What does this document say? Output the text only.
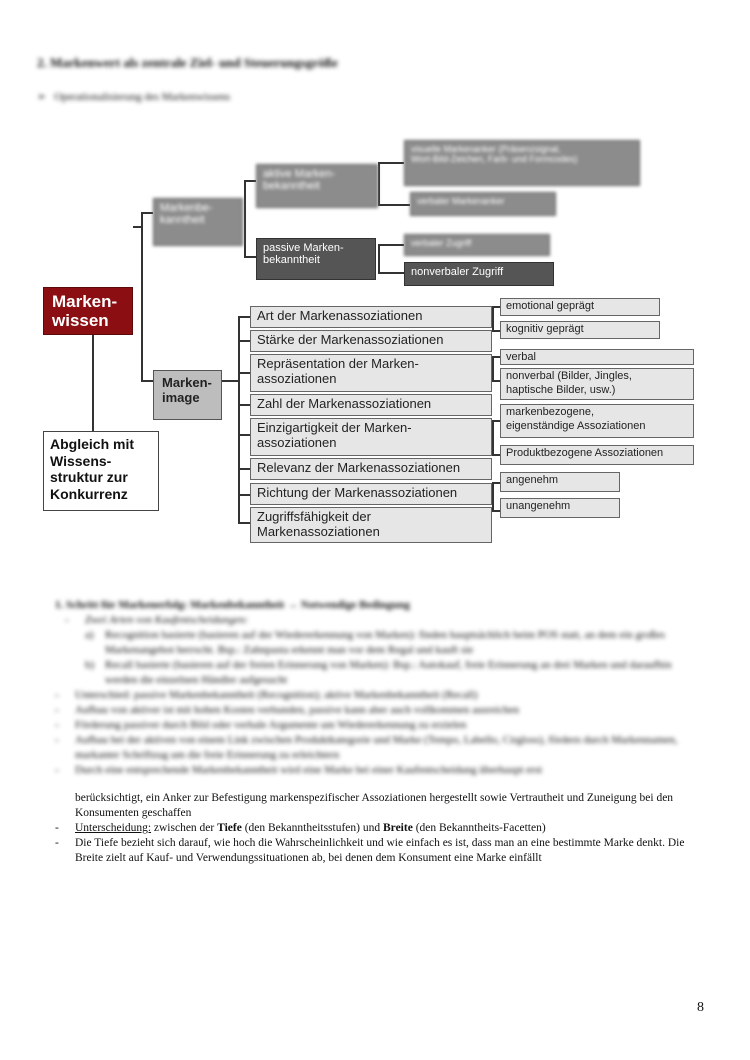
2. Markenwert als zentrale Ziel- und Steuerungsgröße
➢ Operationalisierung des Markenwissens
Marken-
wissen
Abgleich mit Wissens- struktur zur Konkurrenz
Markenbe-
kanntheit
aktive Marken-
bekanntheit
visuelle Markenanker (Präsenzsignal,
Wort-Bild-Zeichen, Farb- und Formcodes)
verbaler Markenanker
verbaler Zugriff
passive Marken-
bekanntheit
nonverbaler Zugriff
Marken-
image
Art der Markenassoziationen
Stärke der Markenassoziationen
Repräsentation der Marken-
assoziationen
Zahl der Markenassoziationen
Einzigartigkeit der Marken-
assoziationen
Relevanz der Markenassoziationen
Richtung der Markenassoziationen
Zugriffsfähigkeit der
Markenassoziationen
emotional geprägt
kognitiv geprägt
verbal
nonverbal (Bilder, Jingles,
haptische Bilder, usw.)
markenbezogene,
eigenständige Assoziationen
Produktbezogene Assoziationen
angenehm
unangenehm
1. Schritt für Markenerfolg: Markenbekanntheit → Notwendige Bedingung
- Zwei Arten von Kaufentscheidungen:
a) Recognition basierte (basieren auf der Wiedererkennung von Marken): finden hauptsächlich beim POS statt, an dem ein großes Markenangebot herrscht. Bsp.: Zahnpasta erkennt man vor dem Regal und kauft sie
b) Recall basierte (basieren auf der freien Erinnerung von Marken): Bsp.: Autokauf, freie Erinnerung an drei Marken und daraufhin werden die einzelnen Händler aufgesucht
- Unterschied: passive Markenbekanntheit (Recognition); aktive Markenbekanntheit (Recall)
- Aufbau von aktiver ist mit hohen Kosten verbunden, passive kann aber auch vollkommen ausreichen
- Förderung passiver durch Bild oder verbale Argumente um Wiedererkennung zu erzielen
- Aufbau bei der aktiven von einem Link zwischen Produktkategorie und Marke (Tempo, Labello, Cirgloss), fördern durch Markennamen, markanter Schriftzug um die freie Erinnerung zu erleichtern
- Durch eine entsprechende Markenbekanntheit wird eine Marke bei einer Kaufentscheidung überhaupt erst
berücksichtigt, ein Anker zur Befestigung markenspezifischer Assoziationen hergestellt sowie Vertrautheit und Zuneigung bei den Konsumenten geschaffen
- Unterscheidung: zwischen der Tiefe (den Bekanntheitsstufen) und Breite (den Bekanntheits-Facetten)
- Die Tiefe bezieht sich darauf, wie hoch die Wahrscheinlichkeit und wie einfach es ist, dass man an eine bestimmte Marke denkt. Die Breite zielt auf Kauf- und Verwendungssituationen ab, bei denen dem Konsument eine Marke einfällt
8
